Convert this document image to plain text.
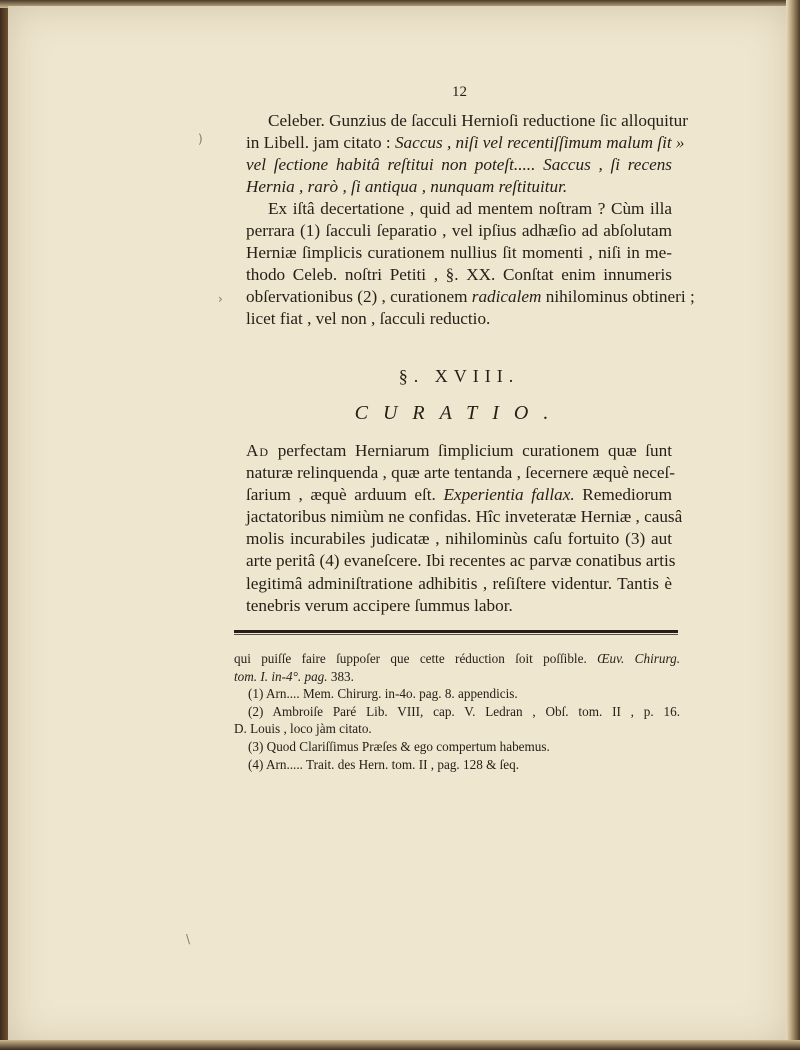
)
›
\
12
Celeber. Gunzius de ſacculi Hernioſi reductione ſic alloquitur
in Libell. jam citato : Saccus , niſi vel recentiſſimum malum ſit »
vel ſectione habitâ reſtitui non poteſt..... Saccus , ſi recens
Hernia , rarò , ſi antiqua , nunquam reſtituitur.
Ex iſtâ decertatione , quid ad mentem noſtram ? Cùm illa
perrara (1) ſacculi ſeparatio , vel ipſius adhæſio ad abſolutam
Herniæ ſimplicis curationem nullius ſit momenti , niſi in me-
thodo Celeb. noſtri Petiti , §. XX. Conſtat enim innumeris
obſervationibus (2) , curationem radicalem nihilominus obtineri ;
licet fiat , vel non , ſacculi reductio.
§. XVIII.
CURATIO.
Ad perfectam Herniarum ſimplicium curationem quæ ſunt
naturæ relinquenda , quæ arte tentanda , ſecernere æquè neceſ-
ſarium , æquè arduum eſt. Experientia fallax. Remediorum
jactatoribus nimiùm ne confidas. Hîc inveteratæ Herniæ , causâ
molis incurabiles judicatæ , nihilominùs caſu fortuito (3) aut
arte peritâ (4) evaneſcere. Ibi recentes ac parvæ conatibus artis
legitimâ adminiſtratione adhibitis , reſiſtere videntur. Tantis è
tenebris verum accipere ſummus labor.
qui puiſſe faire ſuppoſer que cette réduction ſoit poſſible. Œuv. Chirurg.
tom. I. in-4°. pag. 383.
(1) Arn.... Mem. Chirurg. in-4o. pag. 8. appendicis.
(2) Ambroiſe Paré Lib. VIII, cap. V. Ledran , Obſ. tom. II , p. 16.
D. Louis , loco jàm citato.
(3) Quod Clariſſimus Præſes & ego compertum habemus.
(4) Arn..... Trait. des Hern. tom. II , pag. 128 & ſeq.
